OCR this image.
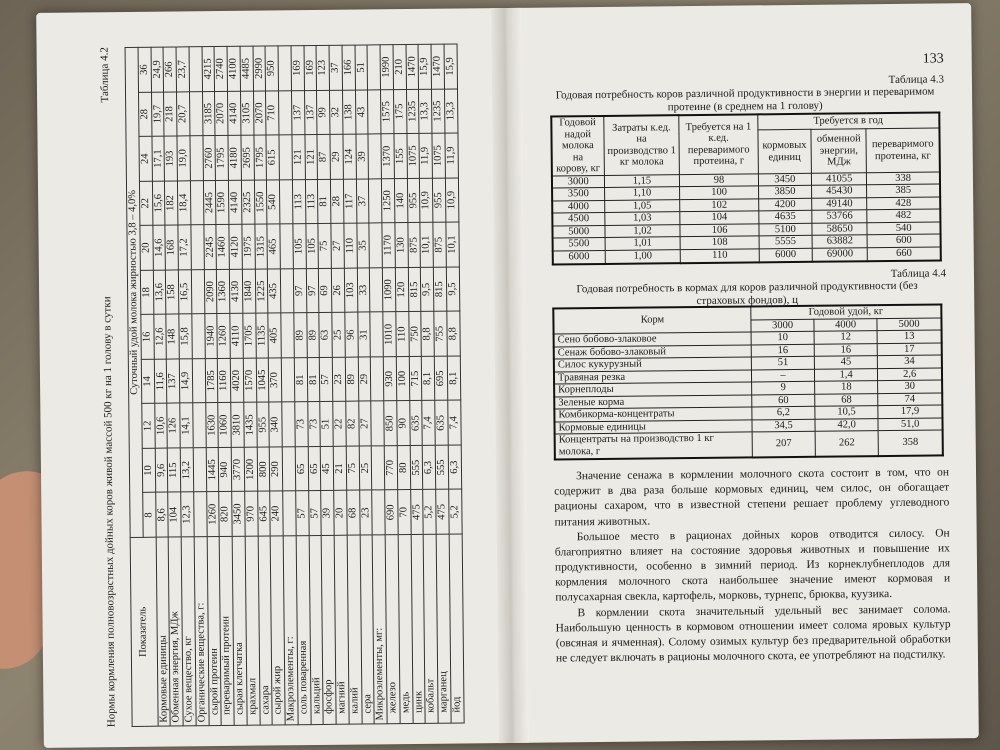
Нормы кормления полновозрастных дойных коров живой массой 500 кг на 1 голову в сутки
Таблица 4.2
Показатель	Суточный удой молока жирностью 3,8 – 4,0%										
	8	10	12	14	16	18	20	22	24	28	36
Кормовые единицы	8,6	9,6	10,6	11,6	12,6	13,6	14,6	15,6	17,1	19,7	24,9
Обменная энергия, МДж	104	115	126	137	148	158	168	182	193	218	266
Сухое вещество, кг	12,3	13,2	14,1	14,9	15,8	16,5	17,2	18,4	19,0	20,7	23,7
Органические вещества, г:											
сырой протеин	1260	1445	1630	1785	1940	2090	2245	2445	2760	3185	4215
переваримый протеин	820	940	1060	1160	1260	1360	1460	1590	1795	2070	2740
сырая клетчатка	3450	3770	3810	4020	4110	4130	4120	4140	4180	4140	4100
крахмал	970	1200	1435	1570	1705	1840	1975	2325	2695	3105	4485
сахара	645	800	955	1045	1135	1225	1315	1550	1795	2070	2990
сырой жир	240	290	340	370	405	435	465	540	615	710	950
Макроэлементы, г:											
соль поваренная	57	65	73	81	89	97	105	113	121	137	169
кальций	57	65	73	81	89	97	105	113	121	137	169
фосфор	39	45	51	57	63	69	75	81	87	99	123
магний	20	21	22	23	25	26	27	28	29	32	37
калий	68	75	82	89	96	103	110	117	124	138	166
сера	23	25	27	29	31	33	35	37	39	43	51
Микроэлементы, мг:											
железо	690	770	850	930	1010	1090	1170	1250	1370	1575	1990
медь	70	80	90	100	110	120	130	140	155	175	210
цинк	475	555	635	715	750	815	875	955	1075	1235	1470
кобальт	5,2	6,3	7,4	8,1	8,8	9,5	10,1	10,9	11,9	13,3	15,9
марганец	475	555	635	695	755	815	875	955	1075	1235	1470
йод	5,2	6,3	7,4	8,1	8,8	9,5	10,1	10,9	11,9	13,3	15,9	133
Таблица 4.3
Годовая потребность коров различной продуктивности в энергии и переваримом протеине (в среднем на 1 голову)
Годовой надой молока на корову, кг	Затраты к.ед. на производство 1 кг молока	Требуется на 1 к.ед. переваримого протеина, г	Требуется в год		
			кормовых единиц	обменной энергии, МДж	переваримого протеина, кг
3000	1,15	98	3450	41055	338
3500	1,10	100	3850	45430	385
4000	1,05	102	4200	49140	428
4500	1,03	104	4635	53766	482
5000	1,02	106	5100	58650	540
5500	1,01	108	5555	63882	600
6000	1,00	110	6000	69000	660
Таблица 4.4
Годовая потребность в кормах для коров различной продуктивности (без страховых фондов), ц
Корм	Годовой удой, кг		
	3000	4000	5000
Сено бобово-злаковое	10	12	13
Сенаж бобово-злаковый	16	16	17
Силос кукурузный	51	45	34
Травяная резка	–	1,4	2,6
Корнеплоды	9	18	30
Зеленые корма	60	68	74
Комбикорма-концентраты	6,2	10,5	17,9
Кормовые единицы	34,5	42,0	51,0
Концентраты на производство 1 кг молока, г	207	262	358

Значение сенажа в кормлении молочного скота состоит в том, что он содержит в два раза больше кормовых единиц, чем силос, он обогащает рационы сахаром, что в известной степени решает проблему углеводного питания животных.

Большое место в рационах дойных коров отводится силосу. Он благоприятно влияет на состояние здоровья животных и повышение их продуктивности, особенно в зимний период. Из корнеклубнеплодов для кормления молочного скота наибольшее значение имеют кормовая и полусахарная свекла, картофель, морковь, турнепс, брюква, куузика.

В кормлении скота значительный удельный вес занимает солома. Наибольшую ценность в кормовом отношении имеет солома яровых культур (овсяная и ячменная). Солому озимых культур без предварительной обработки не следует включать в рационы молочного скота, ее употребляют на подстилку.
